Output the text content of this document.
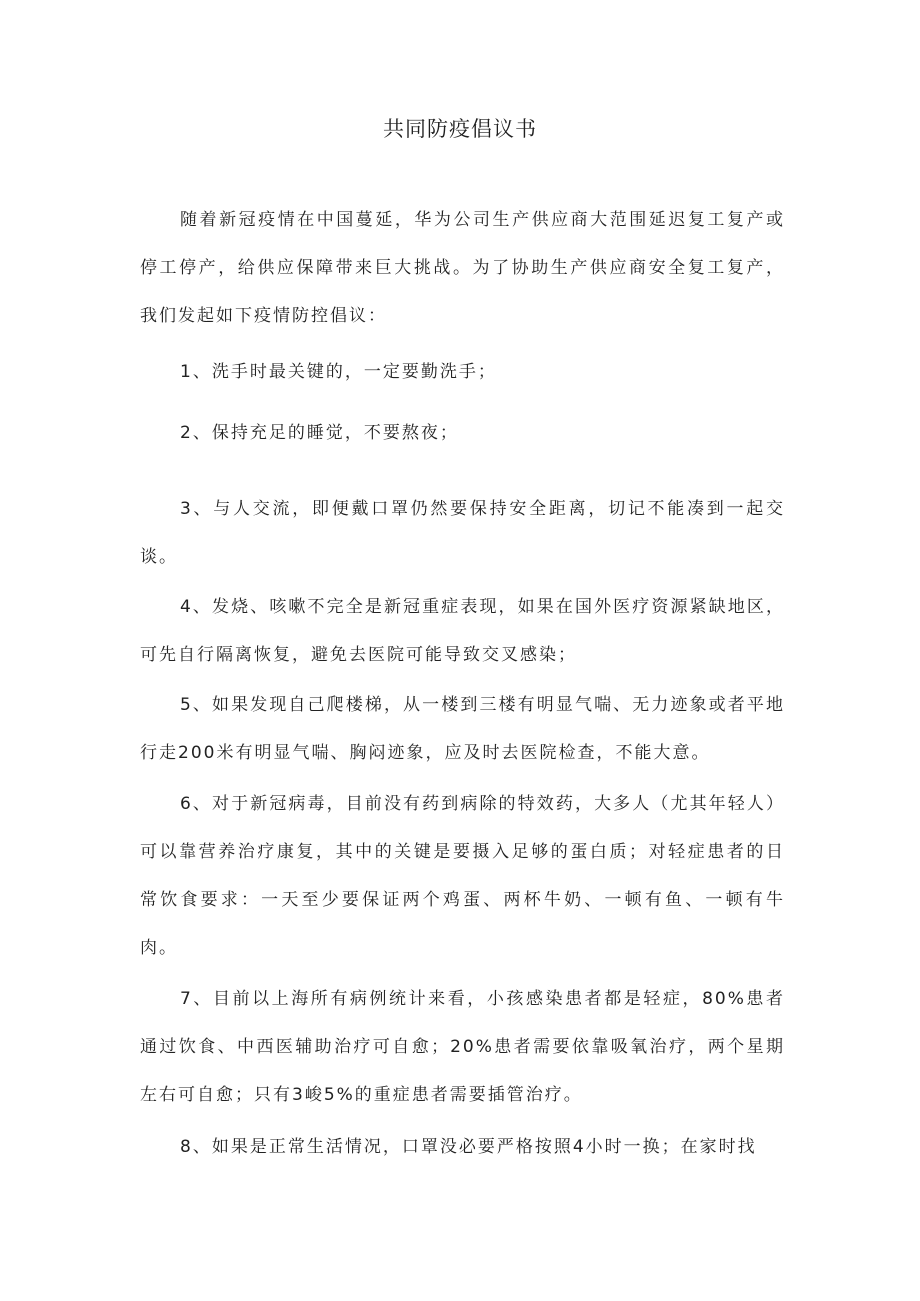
共同防疫倡议书

随着新冠疫情在中国蔓延，华为公司生产供应商大范围延迟复工复产或停工停产，给供应保障带来巨大挑战。为了协助生产供应商安全复工复产，我们发起如下疫情防控倡议：

1、洗手时最关键的，一定要勤洗手；

2、保持充足的睡觉，不要熬夜；

3、与人交流，即便戴口罩仍然要保持安全距离，切记不能凑到一起交谈。

4、发烧、咳嗽不完全是新冠重症表现，如果在国外医疗资源紧缺地区，可先自行隔离恢复，避免去医院可能导致交叉感染；

5、如果发现自己爬楼梯，从一楼到三楼有明显气喘、无力迹象或者平地行走200米有明显气喘、胸闷迹象，应及时去医院检查，不能大意。

6、对于新冠病毒，目前没有药到病除的特效药，大多人（尤其年轻人）可以靠营养治疗康复，其中的关键是要摄入足够的蛋白质；对轻症患者的日常饮食要求：一天至少要保证两个鸡蛋、两杯牛奶、一顿有鱼、一顿有牛肉。

7、目前以上海所有病例统计来看，小孩感染患者都是轻症，80%患者通过饮食、中西医辅助治疗可自愈；20%患者需要依靠吸氧治疗，两个星期左右可自愈；只有3峻5%的重症患者需要插管治疗。

8、如果是正常生活情况，口罩没必要严格按照4小时一换；在家时找
